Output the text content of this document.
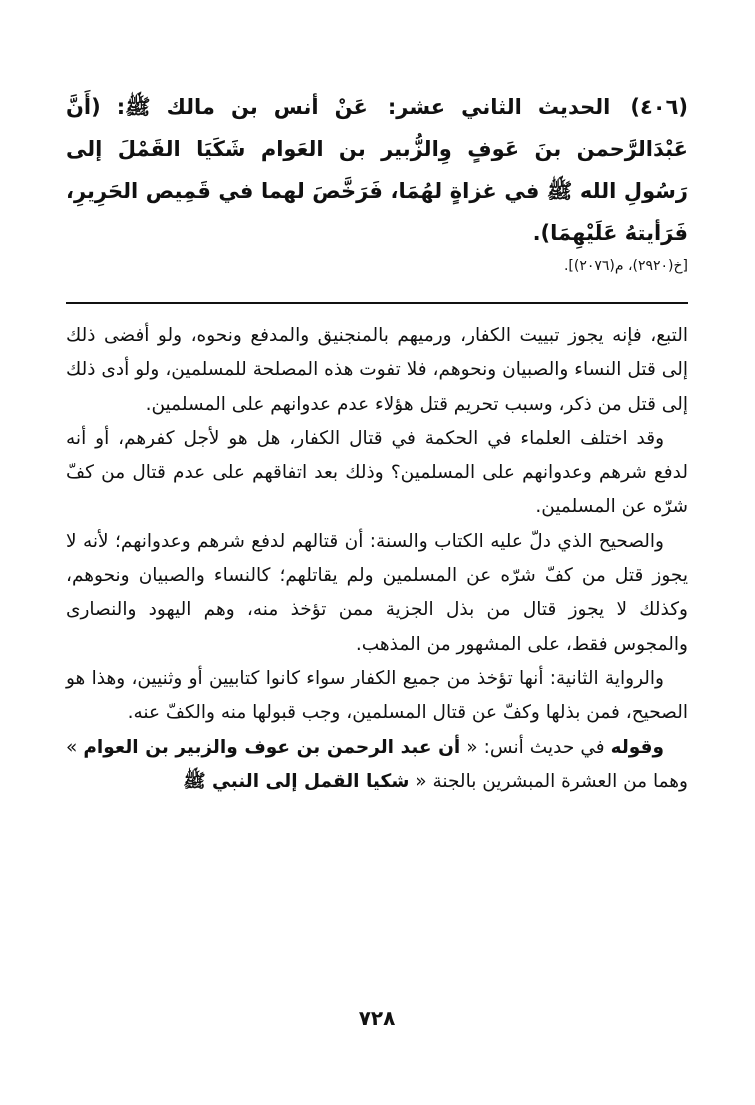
(٤٠٦) الحديث الثاني عشر: عَنْ أنس بن مالك ﷺ: (أَنَّ عَبْدَالرَّحمن بنَ عَوفٍ وِالزُّبير بن العَوام شَكَيَا القَمْلَ إلى رَسُولِ الله ﷺ في غزاةٍ لهُمَا، فَرَخَّصَ لهما في قَمِيص الحَرِيرِ، فَرَأيتهُ عَلَيْهِمَا).

[خ(٢٩٢٠)، م(٢٠٧٦)].

التبع، فإنه يجوز تبييت الكفار، ورميهم بالمنجنيق والمدفع ونحوه، ولو أفضى ذلك إلى قتل النساء والصبيان ونحوهم، فلا تفوت هذه المصلحة للمسلمين، ولو أدى ذلك إلى قتل من ذكر، وسبب تحريم قتل هؤلاء عدم عدوانهم على المسلمين.

وقد اختلف العلماء في الحكمة في قتال الكفار، هل هو لأجل كفرهم، أو أنه لدفع شرهم وعدوانهم على المسلمين؟ وذلك بعد اتفاقهم على عدم قتال من كفّ شرّه عن المسلمين.

والصحيح الذي دلّ عليه الكتاب والسنة: أن قتالهم لدفع شرهم وعدوانهم؛ لأنه لا يجوز قتل من كفّ شرّه عن المسلمين ولم يقاتلهم؛ كالنساء والصبيان ونحوهم، وكذلك لا يجوز قتال من بذل الجزية ممن تؤخذ منه، وهم اليهود والنصارى والمجوس فقط، على المشهور من المذهب.

والرواية الثانية: أنها تؤخذ من جميع الكفار سواء كانوا كتابيين أو وثنيين، وهذا هو الصحيح، فمن بذلها وكفّ عن قتال المسلمين، وجب قبولها منه والكفّ عنه.

وقوله في حديث أنس: « أن عبد الرحمن بن عوف والزبير بن العوام » وهما من العشرة المبشرين بالجنة « شكيا القمل إلى النبي ﷺ

٧٢٨
